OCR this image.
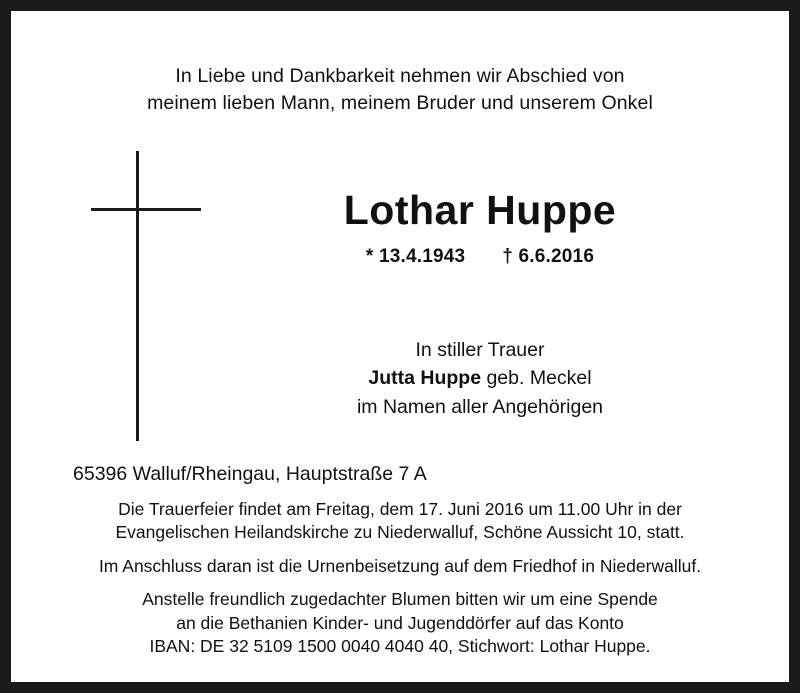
In Liebe und Dankbarkeit nehmen wir Abschied von
meinem lieben Mann, meinem Bruder und unserem Onkel
Lothar Huppe
* 13.4.1943 † 6.6.2016
In stiller Trauer
Jutta Huppe geb. Meckel
im Namen aller Angehörigen
65396 Walluf/Rheingau, Hauptstraße 7 A
Die Trauerfeier findet am Freitag, dem 17. Juni 2016 um 11.00 Uhr in der
Evangelischen Heilandskirche zu Niederwalluf, Schöne Aussicht 10, statt.
Im Anschluss daran ist die Urnenbeisetzung auf dem Friedhof in Niederwalluf.
Anstelle freundlich zugedachter Blumen bitten wir um eine Spende
an die Bethanien Kinder- und Jugenddörfer auf das Konto
IBAN: DE 32 5109 1500 0040 4040 40, Stichwort: Lothar Huppe.
